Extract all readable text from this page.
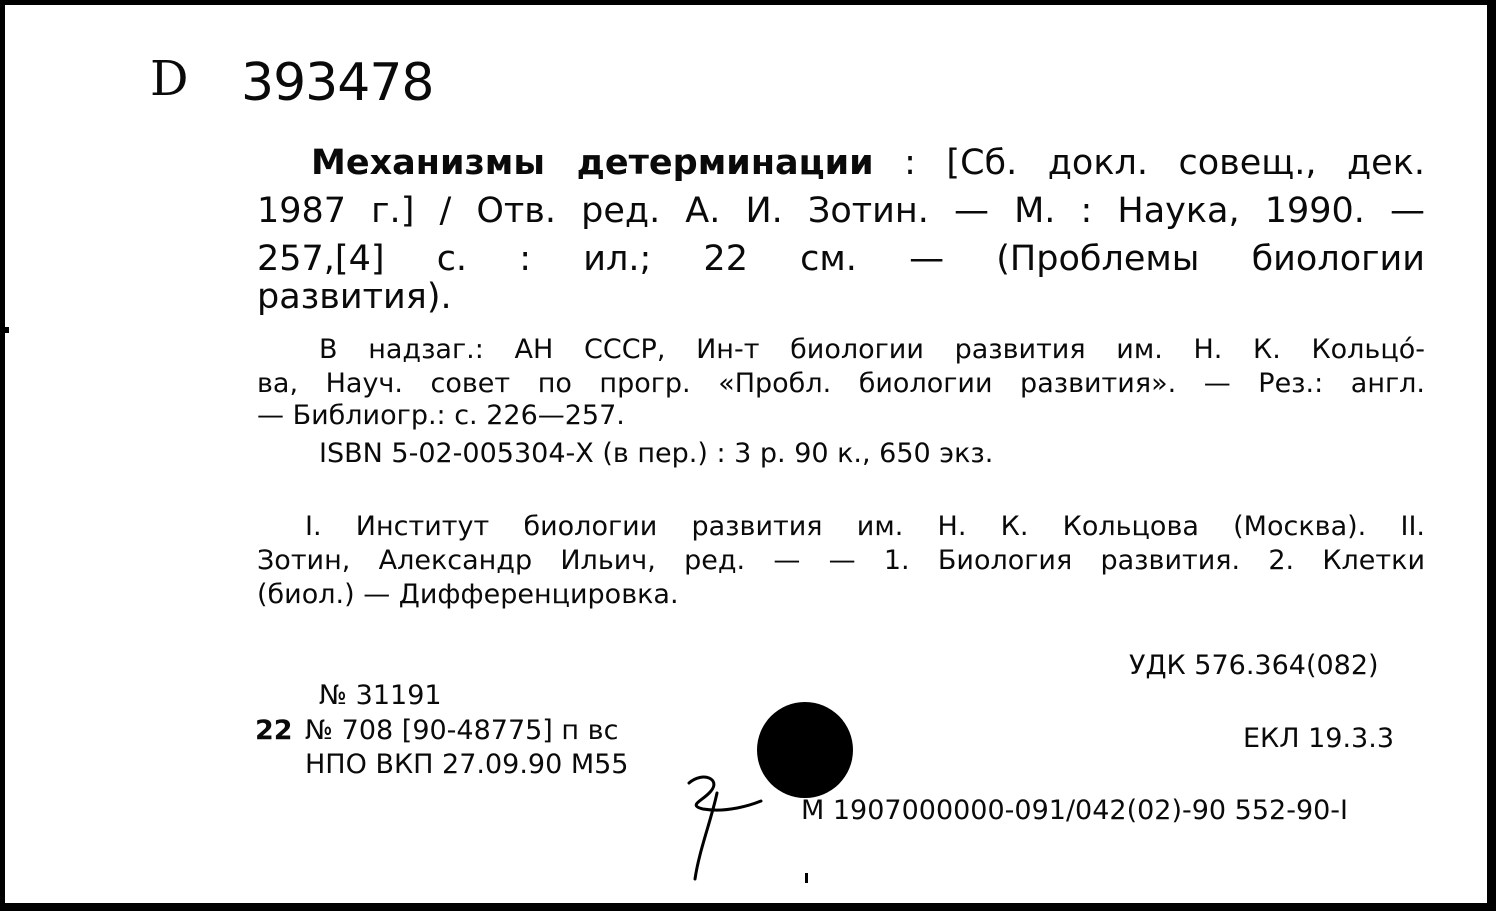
D 393478
Механизмы детерминации : [Сб. докл. совещ., дек.
1987 г.] / Отв. ред. А. И. Зотин. — М. : Наука, 1990. —
257,[4] с. : ил.; 22 см. — (Проблемы биологии
развития).
В надзаг.: АН СССР, Ин-т биологии развития им. Н. К. Кольцо́-
ва, Науч. совет по прогр. «Пробл. биологии развития». — Рез.: англ.
— Библиогр.: с. 226—257.
ISBN 5-02-005304-Х (в пер.) : 3 р. 90 к., 650 экз.
I. Институт биологии развития им. Н. К. Кольцова (Москва). II.
Зотин, Александр Ильич, ред. — — 1. Биология развития. 2. Клетки
(биол.) — Дифференцировка.
УДК 576.364(082)
ЕКЛ 19.3.3
№ 31191
22 № 708 [90-48775] п вс
НПО ВКП 27.09.90 М55
М 1907000000-091/042(02)-90 552-90-I
